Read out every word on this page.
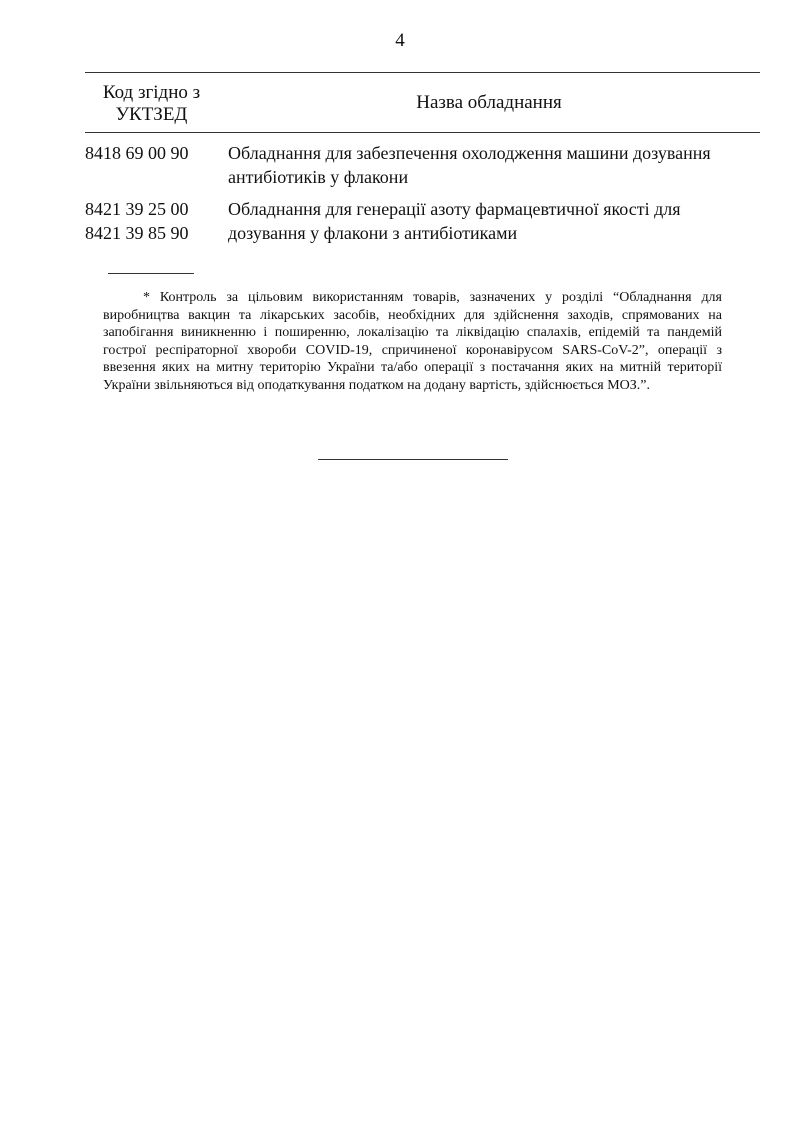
4
Код згідно з УКТЗЕД
Назва обладнання
8418 69 00 90	Обладнання для забезпечення охолодження машини дозування антибіотиків у флакони
8421 39 25 00
8421 39 85 90
Обладнання для генерації азоту фармацевтичної якості для дозування у флакони з антибіотиками
* Контроль за цільовим використанням товарів, зазначених у розділі “Обладнання для виробництва вакцин та лікарських засобів, необхідних для здійснення заходів, спрямованих на запобігання виникненню і поширенню, локалізацію та ліквідацію спалахів, епідемій та пандемій гострої респіраторної хвороби COVID-19, спричиненої коронавірусом SARS-CoV-2”, операції з ввезення яких на митну територію України та/або операції з постачання яких на митній території України звільняються від оподаткування податком на додану вартість, здійснюється МОЗ.”.
